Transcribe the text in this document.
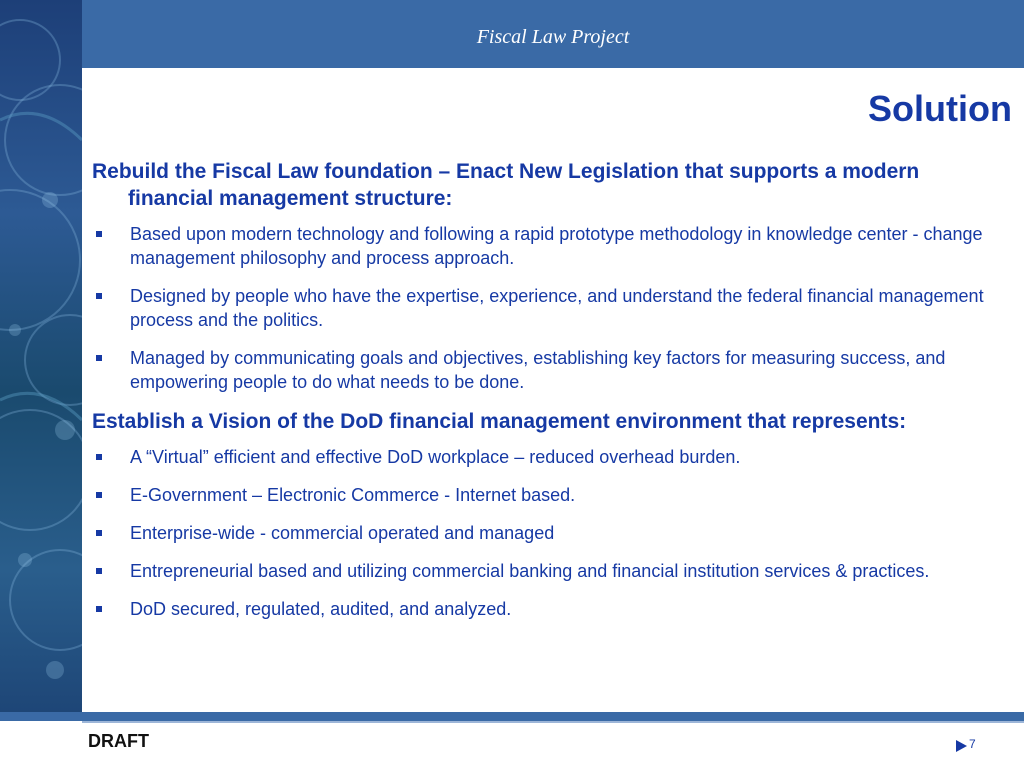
Fiscal Law Project
Solution
Rebuild the Fiscal Law foundation – Enact New Legislation that supports a modern financial management structure:
Based upon modern technology and following a rapid prototype methodology in knowledge center - change management philosophy and process approach.
Designed by people who have the expertise, experience, and understand the federal financial management process and the politics.
Managed by communicating goals and objectives, establishing key factors for measuring success, and empowering people to do what needs to be done.
Establish a Vision of the DoD financial management environment that represents:
A “Virtual” efficient and effective DoD workplace – reduced overhead burden.
E-Government – Electronic Commerce - Internet based.
Enterprise-wide - commercial operated and managed
Entrepreneurial based and utilizing commercial banking and financial institution services & practices.
DoD secured, regulated, audited, and analyzed.
DRAFT	7
